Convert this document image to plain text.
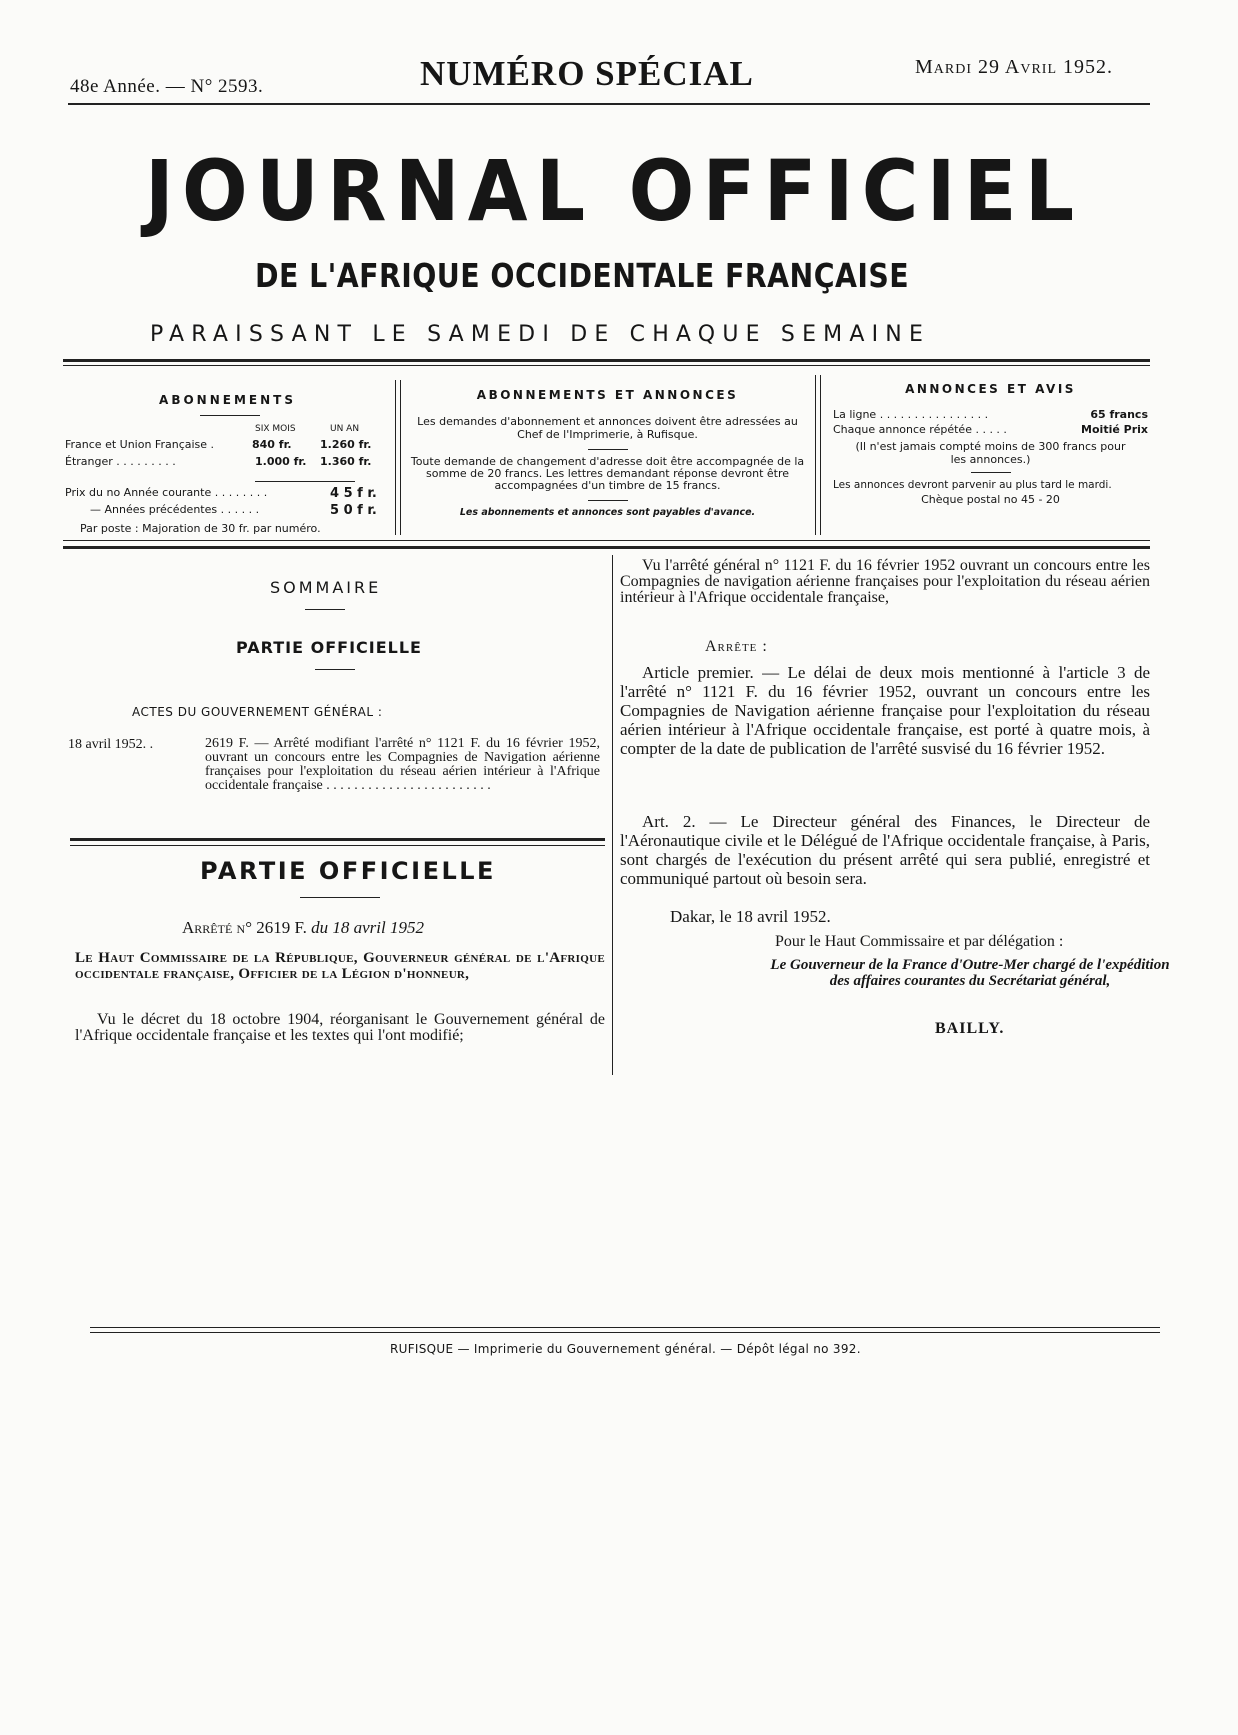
48e Année. — N° 2593.	NUMÉRO SPÉCIAL	Mardi 29 Avril 1952.
JOURNAL OFFICIEL
DE L'AFRIQUE OCCIDENTALE FRANÇAISE
PARAISSANT LE SAMEDI DE CHAQUE SEMAINE
ABONNEMENTS
SIX MOIS	UN AN
France et Union Française .	840 fr.	1.260 fr.
Étranger . . . . . . . . .	1.000 fr. 1.360 fr.
Prix du no Année courante . . . . . . . .	4 5 f r.
— Années précédentes . . . . . .	5 0 f r.
Par poste : Majoration de 30 fr. par numéro.
ABONNEMENTS ET ANNONCES
Les demandes d'abonnement et annonces doivent être adressées au Chef de l'Imprimerie, à Rufisque.
Toute demande de changement d'adresse doit être accompagnée de la somme de 20 francs. Les lettres demandant réponse devront être accompagnées d'un timbre de 15 francs.
Les abonnements et annonces sont payables d'avance.
ANNONCES ET AVIS
La ligne . . . . . . . . . . . . . . . .	65 francs
Chaque annonce répétée . . . . .	Moitié Prix
(Il n'est jamais compté moins de 300 francs pour les annonces.)
Les annonces devront parvenir au plus tard le mardi.
Chèque postal no 45 - 20
SOMMAIRE
PARTIE OFFICIELLE
ACTES DU GOUVERNEMENT GÉNÉRAL :
18 avril 1952. .	2619 F. — Arrêté modifiant l'arrêté n° 1121 F. du 16 février 1952, ouvrant un concours entre les Compagnies de Navigation aérienne françaises pour l'exploitation du réseau aérien intérieur à l'Afrique occidentale française . . . . . . . . . . . . . . . . . . . . . . . .

PARTIE OFFICIELLE
Arrêté n° 2619 F. du 18 avril 1952
Le Haut Commissaire de la République, Gouverneur général de l'Afrique occidentale française, Officier de la Légion d'honneur,
Vu le décret du 18 octobre 1904, réorganisant le Gouvernement général de l'Afrique occidentale française et les textes qui l'ont modifié;
Vu l'arrêté général n° 1121 F. du 16 février 1952 ouvrant un concours entre les Compagnies de navigation aérienne françaises pour l'exploitation du réseau aérien intérieur à l'Afrique occidentale française,
Arrête :
Article premier. — Le délai de deux mois mentionné à l'article 3 de l'arrêté n° 1121 F. du 16 février 1952, ouvrant un concours entre les Compagnies de Navigation aérienne française pour l'exploitation du réseau aérien intérieur à l'Afrique occidentale française, est porté à quatre mois, à compter de la date de publication de l'arrêté susvisé du 16 février 1952.
Art. 2. — Le Directeur général des Finances, le Directeur de l'Aéronautique civile et le Délégué de l'Afrique occidentale française, à Paris, sont chargés de l'exécution du présent arrêté qui sera publié, enregistré et communiqué partout où besoin sera.
Dakar, le 18 avril 1952.
Pour le Haut Commissaire et par délégation :
Le Gouverneur de la France d'Outre-Mer chargé de l'expédition des affaires courantes du Secrétariat général,
BAILLY.
RUFISQUE — Imprimerie du Gouvernement général. — Dépôt légal no 392.
